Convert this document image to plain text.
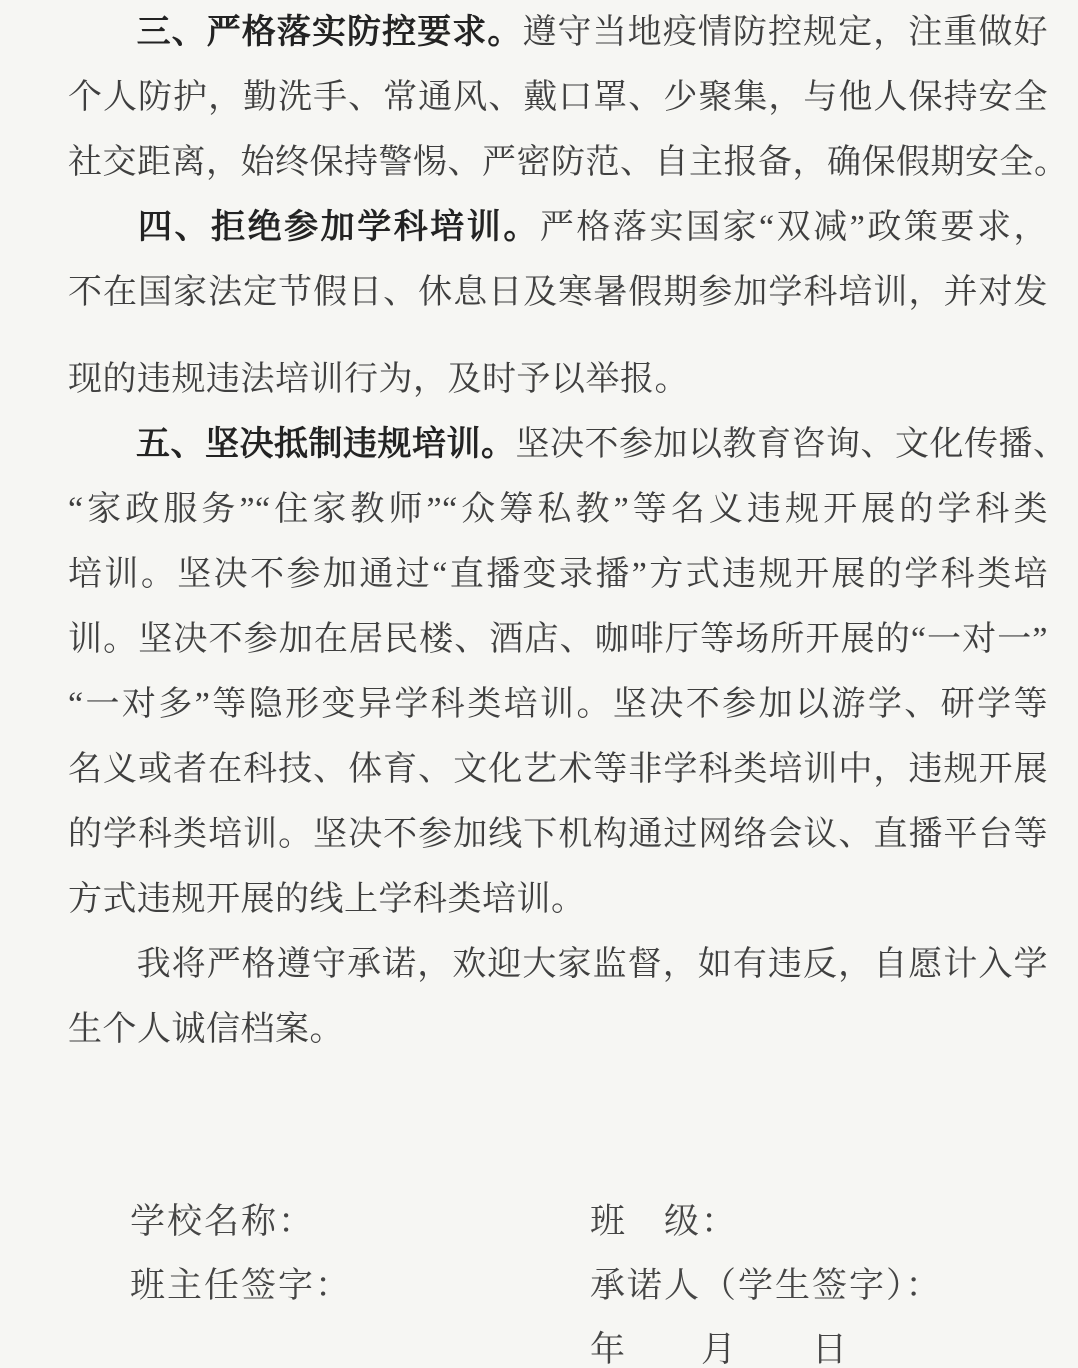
三、严格落实防控要求。遵守当地疫情防控规定，注重做好
个人防护，勤洗手、常通风、戴口罩、少聚集，与他人保持安全
社交距离，始终保持警惕、严密防范、自主报备，确保假期安全。
四、拒绝参加学科培训。严格落实国家“双减”政策要求，
不在国家法定节假日、休息日及寒暑假期参加学科培训，并对发
现的违规违法培训行为，及时予以举报。
五、坚决抵制违规培训。坚决不参加以教育咨询、文化传播、
“家政服务”“住家教师”“众筹私教”等名义违规开展的学科类
培训。坚决不参加通过“直播变录播”方式违规开展的学科类培
训。坚决不参加在居民楼、酒店、咖啡厅等场所开展的“一对一”
“一对多”等隐形变异学科类培训。坚决不参加以游学、研学等
名义或者在科技、体育、文化艺术等非学科类培训中，违规开展
的学科类培训。坚决不参加线下机构通过网络会议、直播平台等
方式违规开展的线上学科类培训。
我将严格遵守承诺，欢迎大家监督，如有违反，自愿计入学
生个人诚信档案。
学校名称：	班　级：
班主任签字：	承诺人（学生签字）：
年　　月　　日
